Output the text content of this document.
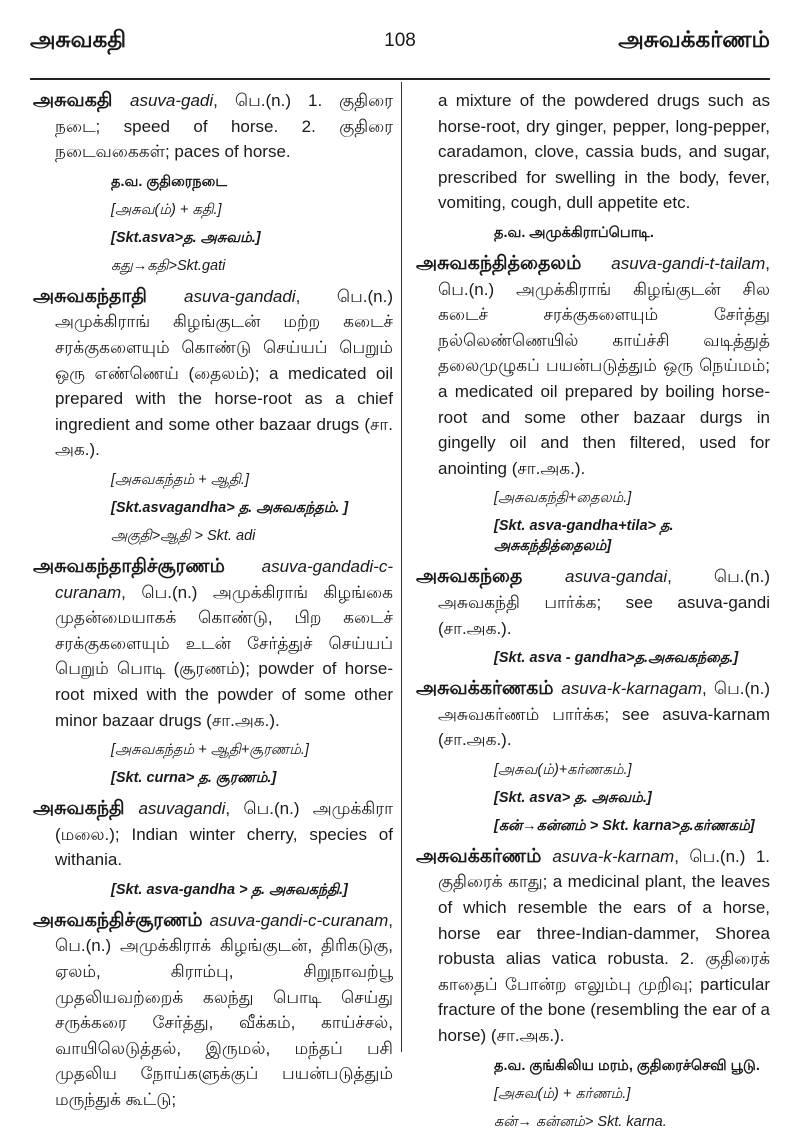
அசுவகதி	108	அசுவக்கர்ணம்
அசுவகதி asuva-gadi, பெ.(n.) 1. குதிரை நடை; speed of horse. 2. குதிரை நடைவகைகள்; paces of horse.
த.வ. குதிரைநடை
[அசுவ(ம்) + கதி.]
[Skt.asva>த. அசுவம்.]
கது→கதி>Skt.gati
அசுவகந்தாதி asuva-gandadi, பெ.(n.) அமுக்கிராங் கிழங்குடன் மற்ற கடைச் சரக்குகளையும் கொண்டு செய்யப் பெறும் ஒரு எண்ணெய் (தைலம்); a medicated oil prepared with the horse-root as a chief ingredient and some other bazaar drugs (சா. அக.).
[அசுவகந்தம் + ஆதி.]
[Skt.asvagandha> த. அசுவகந்தம். ]
அகுதி>ஆதி > Skt. adi
அசுவகந்தாதிச்சூரணம் asuva-gandadi-c-curanam, பெ.(n.) அமுக்கிராங் கிழங்கை முதன்மையாகக் கொண்டு, பிற கடைச் சரக்குகளையும் உடன் சேர்த்துச் செய்யப் பெறும் பொடி (சூரணம்); powder of horse-root mixed with the powder of some other minor bazaar drugs (சா.அக.).
[அசுவகந்தம் + ஆதி+சூரணம்.]
[Skt. curna> த. சூரணம்.]
அசுவகந்தி asuvagandi, பெ.(n.) அமுக்கிரா (மலை.); Indian winter cherry, species of withania.
[Skt. asva-gandha > த. அசுவகந்தி.]
அசுவகந்திச்சூரணம் asuva-gandi-c-curanam, பெ.(n.) அமுக்கிராக் கிழங்குடன், திரிகடுகு, ஏலம், கிராம்பு, சிறுநாவற்பூ முதலியவற்றைக் கலந்து பொடி செய்து சருக்கரை சேர்த்து, வீக்கம், காய்ச்சல், வாயிலெடுத்தல், இருமல், மந்தப் பசி முதலிய நோய்களுக்குப் பயன்படுத்தும் மருந்துக் கூட்டு;
a mixture of the powdered drugs such as horse-root, dry ginger, pepper, long-pepper, caradamon, clove, cassia buds, and sugar, prescribed for swelling in the body, fever, vomiting, cough, dull appetite etc.
த.வ. அமுக்கிராப்பொடி.
அசுவகந்தித்தைலம் asuva-gandi-t-tailam, பெ.(n.) அமுக்கிராங் கிழங்குடன் சில கடைச் சரக்குகளையும் சேர்த்து நல்லெண்ணெயில் காய்ச்சி வடித்துத் தலைமுழுகப் பயன்படுத்தும் ஒரு நெய்மம்; a medicated oil prepared by boiling horse-root and some other bazaar durgs in gingelly oil and then filtered, used for anointing (சா.அக.).
[அசுவகந்தி+தைலம்.]
[Skt. asva-gandha+tila> த. அசுகந்தித்தைலம்]
அசுவகந்தை asuva-gandai, பெ.(n.) அசுவகந்தி பார்க்க; see asuva-gandi (சா.அக.).
[Skt. asva - gandha>த.அசுவகந்தை.]
அசுவக்கர்ணகம் asuva-k-karnagam, பெ.(n.) அசுவகர்ணம் பார்க்க; see asuva-karnam (சா.அக.).
[அசுவ(ம்)+கர்ணகம்.]
[Skt. asva> த. அசுவம்.]
[கன்→கன்னம் > Skt. karna>த.கர்ணகம்]
அசுவக்கர்ணம் asuva-k-karnam, பெ.(n.) 1. குதிரைக் காது; a medicinal plant, the leaves of which resemble the ears of a horse, horse ear three-Indian-dammer, Shorea robusta alias vatica robusta. 2. குதிரைக் காதைப் போன்ற எலும்பு முறிவு; particular fracture of the bone (resembling the ear of a horse) (சா.அக.).
த.வ. குங்கிலிய மரம், குதிரைச்செவி பூடு.
[அசுவ(ம்) + கர்ணம்.]
கன்→ கன்னம்> Skt. karna.
